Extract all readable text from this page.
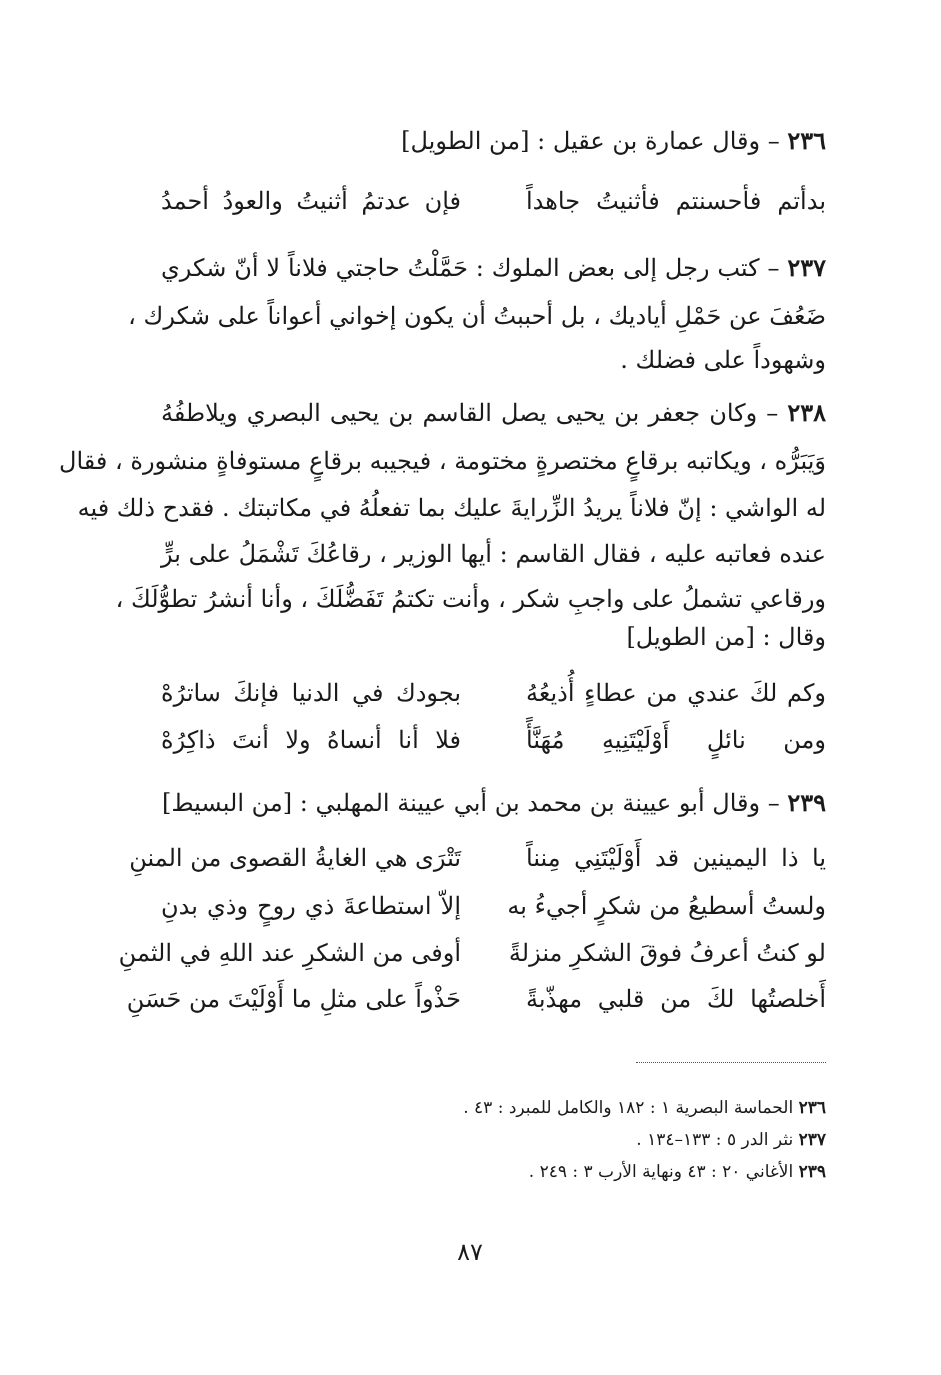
٢٣٦ – وقال عمارة بن عقيل : [من الطويل]
بدأتم فأحسنتم فأثنيتُ جاهداً
فإن عدتمُ أثنيتُ والعودُ أحمدُ
٢٣٧ – كتب رجل إلى بعض الملوك : حَمَّلْتُ حاجتي فلاناً لا أنّ شكري
ضَعُفَ عن حَمْلِ أياديك ، بل أحببتُ أن يكون إخواني أعواناً على شكرك ،
وشهوداً على فضلك .
٢٣٨ – وكان جعفر بن يحيى يصل القاسم بن يحيى البصري ويلاطفُهُ
وَيَبَرُّه ، ويكاتبه برقاعٍ مختصرةٍ مختومة ، فيجيبه برقاعٍ مستوفاةٍ منشورة ، فقال
له الواشي : إنّ فلاناً يريدُ الزِّرايةَ عليك بما تفعلُهُ في مكاتبتك . فقدح ذلك فيه
عنده فعاتبه عليه ، فقال القاسم : أيها الوزير ، رقاعُكَ تَشْمَلُ على برٍّ
ورقاعي تشملُ على واجبِ شكر ، وأنت تكتمُ تَفَضُّلَكَ ، وأنا أنشرُ تطوُّلَكَ ،
وقال : [من الطويل]
وكم لكَ عندي من عطاءٍ أُذيعُهُ
بجودك في الدنيا فإنكَ ساترُهْ
ومن نائلٍ أَوْلَيْتَنِيهِ مُهَنَّأً
فلا أنا أنساهُ ولا أنتَ ذاكِرُهْ
٢٣٩ – وقال أبو عيينة بن محمد بن أبي عيينة المهلبي : [من البسيط]
يا ذا اليمينين قد أَوْلَيْتَنِي مِنناً
تَتْرَى هي الغايةُ القصوى من المننِ
ولستُ أسطيعُ من شكرٍ أجيءُ به
إلاّ استطاعةَ ذي روحٍ وذي بدنِ
لو كنتُ أعرفُ فوقَ الشكرِ منزلةً
أوفى من الشكرِ عند اللهِ في الثمنِ
أَخلصتُها لكَ من قلبي مهذّبةً
حَذْواً على مثلِ ما أَوْلَيْتَ من حَسَنِ
٢٣٦ الحماسة البصرية ١ : ١٨٢ والكامل للمبرد : ٤٣ .
٢٣٧ نثر الدر ٥ : ١٣٣–١٣٤ .
٢٣٩ الأغاني ٢٠ : ٤٣ ونهاية الأرب ٣ : ٢٤٩ .
٨٧
